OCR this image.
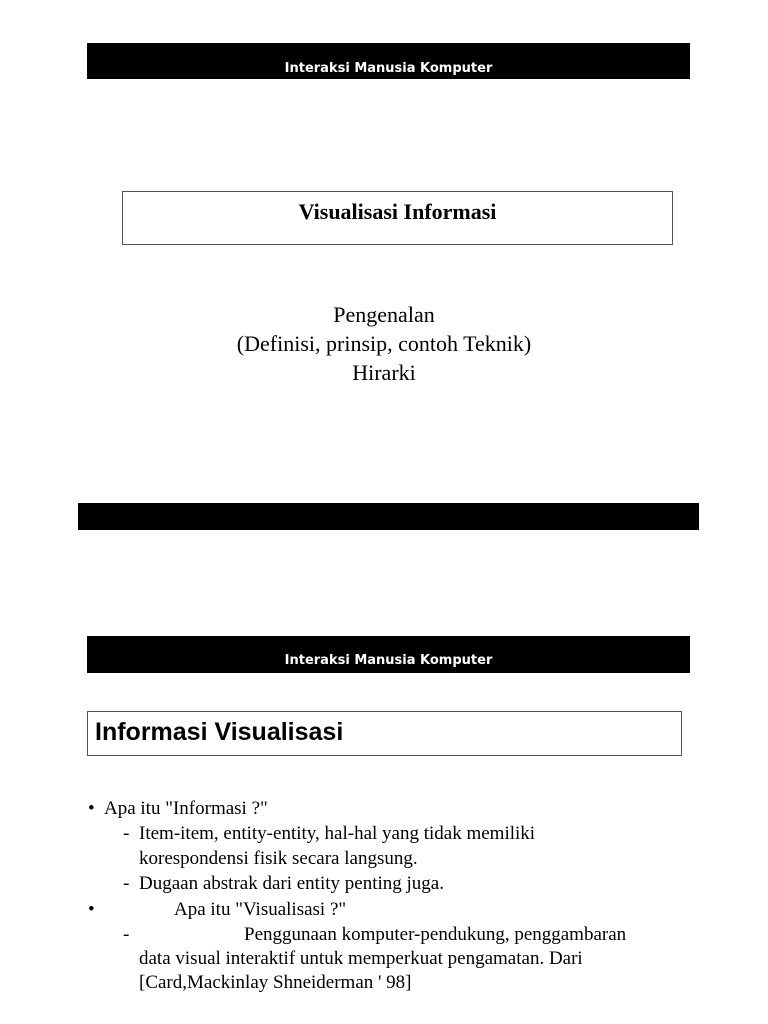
Interaksi Manusia Komputer
Visualisasi Informasi
Pengenalan
(Definisi, prinsip, contoh Teknik)
Hirarki
Interaksi Manusia Komputer
Informasi Visualisasi
• Apa itu "Informasi ?"
- Item-item, entity-entity, hal-hal yang tidak memiliki
korespondensi fisik secara langsung.
- Dugaan abstrak dari entity penting juga.
•	Apa itu "Visualisasi ?"
-	Penggunaan komputer-pendukung, penggambaran
data visual interaktif untuk memperkuat pengamatan. Dari
[Card,Mackinlay Shneiderman ' 98]
